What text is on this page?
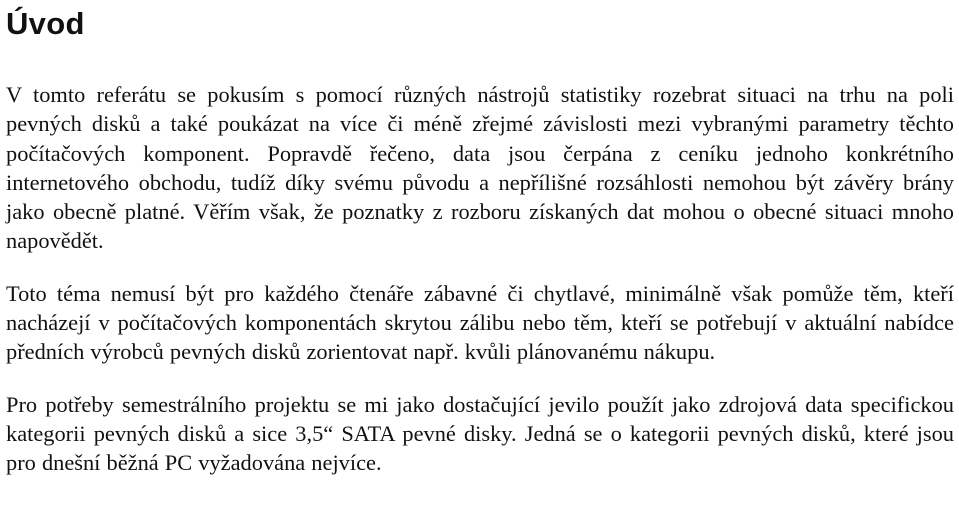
Úvod

V tomto referátu se pokusím s pomocí různých nástrojů statistiky rozebrat situaci na trhu na poli pevných disků a také poukázat na více či méně zřejmé závislosti mezi vybranými parametry těchto počítačových komponent. Popravdě řečeno, data jsou čerpána z ceníku jednoho konkrétního internetového obchodu, tudíž díky svému původu a nepřílišné rozsáhlosti nemohou být závěry brány jako obecně platné. Věřím však, že poznatky z rozboru získaných dat mohou o obecné situaci mnoho napovědět.

Toto téma nemusí být pro každého čtenáře zábavné či chytlavé, minimálně však pomůže těm, kteří nacházejí v počítačových komponentách skrytou zálibu nebo těm, kteří se potřebují v aktuální nabídce předních výrobců pevných disků zorientovat např. kvůli plánovanému nákupu.

Pro potřeby semestrálního projektu se mi jako dostačující jevilo použít jako zdrojová data specifickou kategorii pevných disků a sice 3,5“ SATA pevné disky. Jedná se o kategorii pevných disků, které jsou pro dnešní běžná PC vyžadována nejvíce.
